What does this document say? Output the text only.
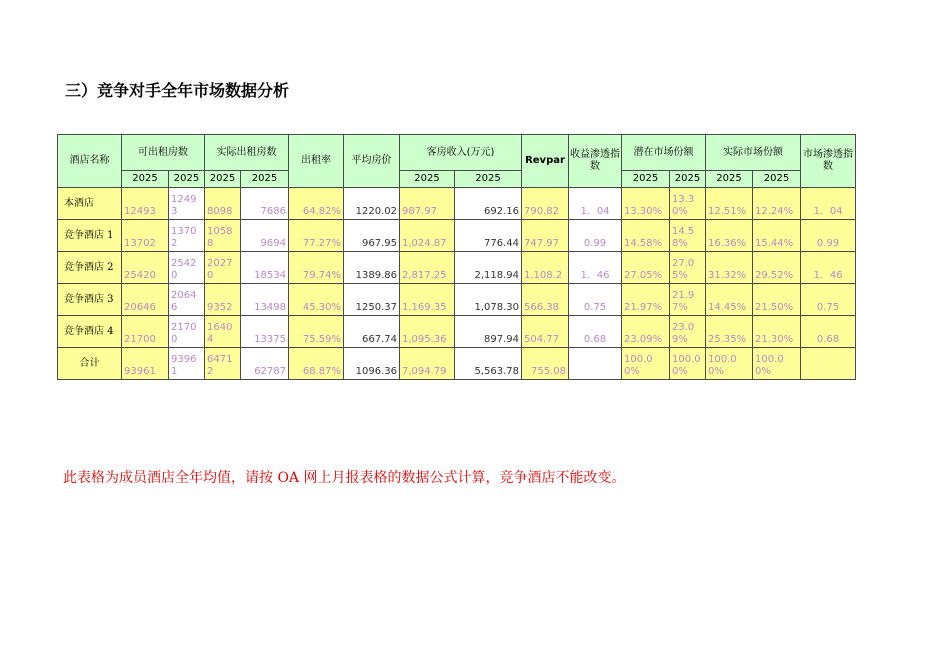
三）竞争对手全年市场数据分析
酒店名称	可出租房数		实际出租房数		出租率	平均房价	客房收入(万元)		Revpar	收益渗透指数	潜在市场份额		实际市场份额		市场渗透指数
	2025	2025	2025	2025			2025	2025			2025	2025	2025	2025	
本酒店	12493	12493	8098	7686	64.82%	1220.02	987.97	692.16	790.82	1．04	13.30%	13.30%	12.51%	12.24%	1．04
竞争酒店 1	13702	13702	10588	9694	77.27%	967.95	1,024.87	776.44	747.97	0.99	14.58%	14.58%	16.36%	15.44%	0.99
竞争酒店 2	25420	25420	20270	18534	79.74%	1389.86	2,817.25	2,118.94	1,108.2	1．46	27.05%	27.05%	31.32%	29.52%	1．46
竞争酒店 3	20646	20646	9352	13498	45.30%	1250.37	1,169.35	1,078.30	566.38	0.75	21.97%	21.97%	14.45%	21.50%	0.75
竞争酒店 4	21700	21700	16404	13375	75.59%	667.74	1,095.36	897.94	504.77	0.68	23.09%	23.09%	25.35%	21.30%	0.68
合计	93961	93961	64712	62787	68.87%	1096.36	7,094.79	5,563.78	755.08		100.00%	100.00%	100.00%	100.00%	
此表格为成员酒店全年均值，请按 OA 网上月报表格的数据公式计算，竞争酒店不能改变。
